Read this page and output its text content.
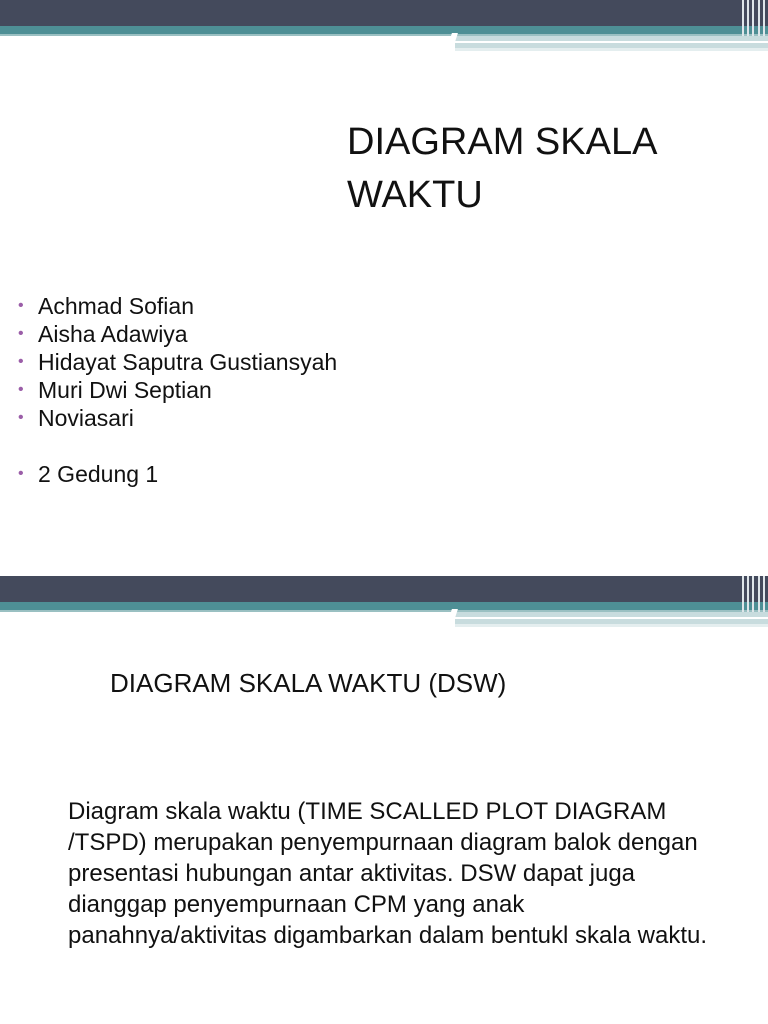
DIAGRAM SKALA WAKTU
• Achmad Sofian
• Aisha Adawiya
• Hidayat Saputra Gustiansyah
• Muri Dwi Septian
• Noviasari
• 2 Gedung 1
DIAGRAM SKALA WAKTU (DSW)

Diagram skala waktu (TIME SCALLED PLOT DIAGRAM /TSPD) merupakan penyempurnaan diagram balok dengan presentasi hubungan antar aktivitas. DSW dapat juga dianggap penyempurnaan CPM yang anak panahnya/aktivitas digambarkan dalam bentukl skala waktu.
